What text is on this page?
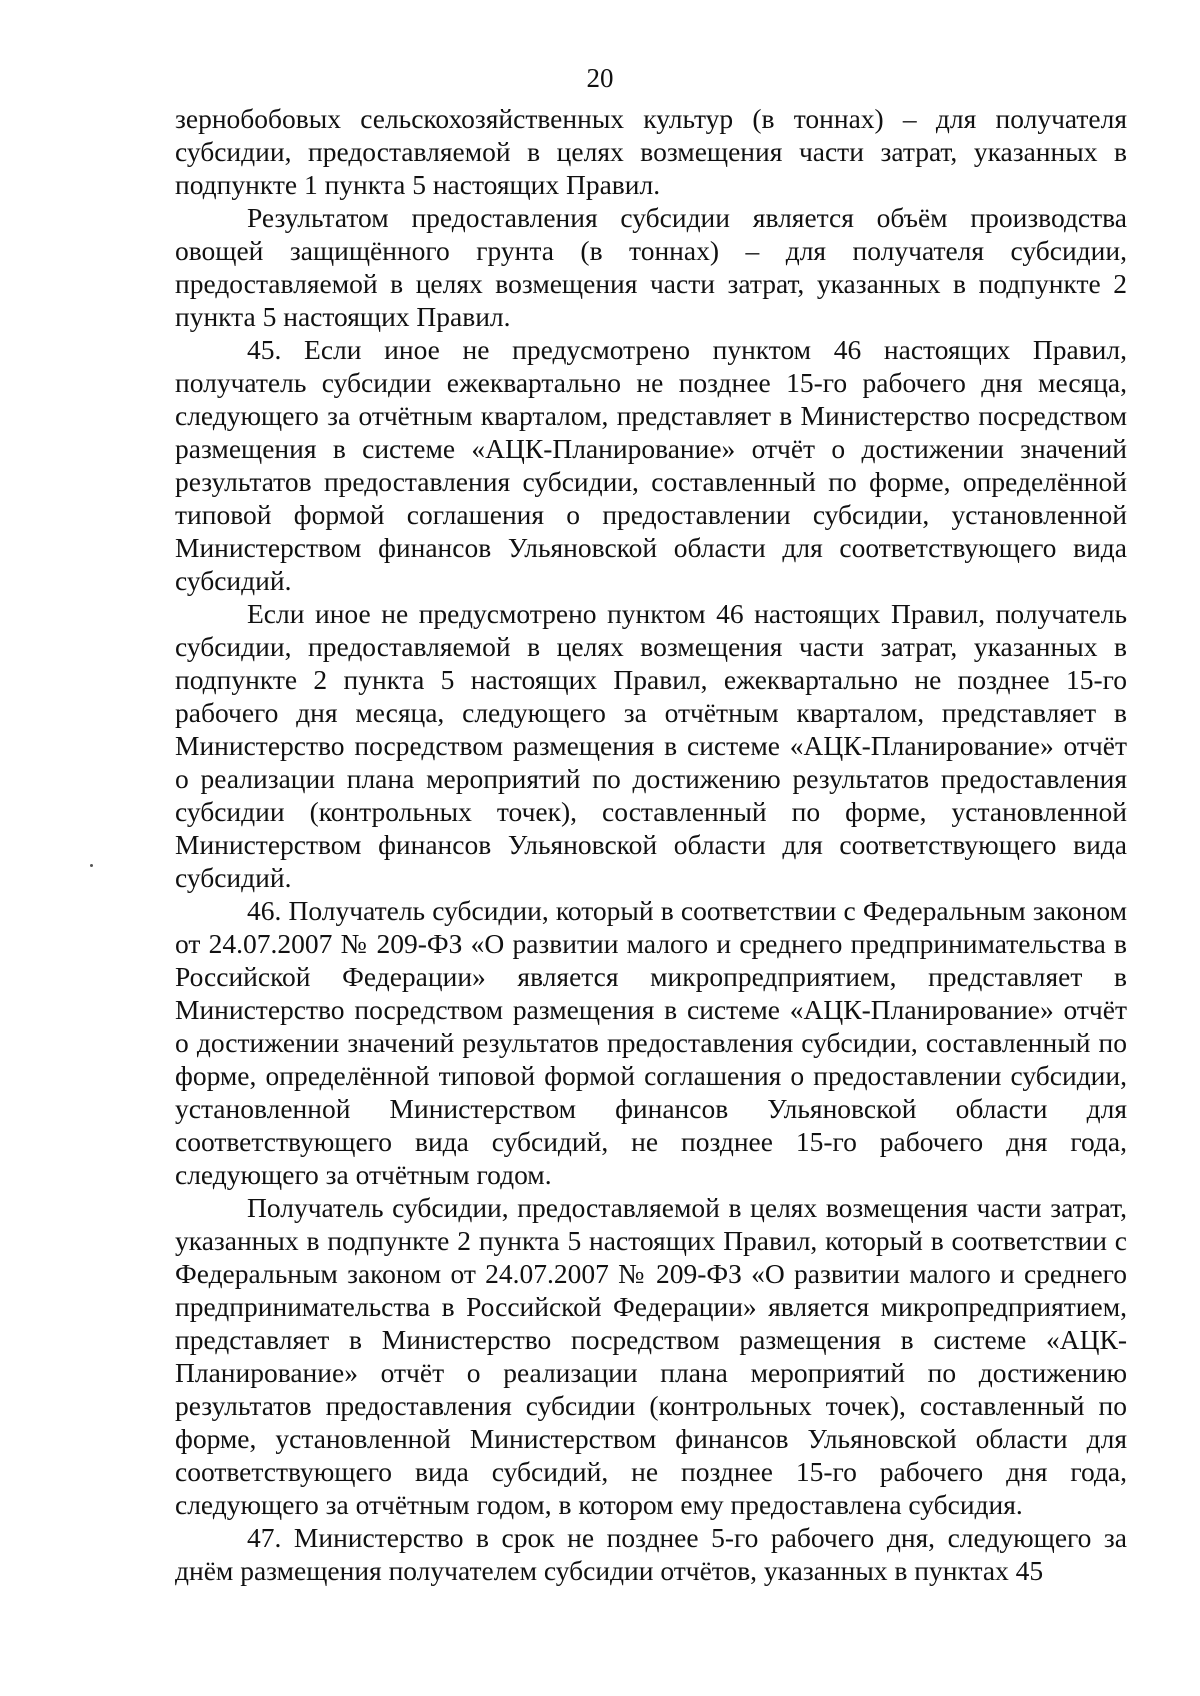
20

зернобобовых сельскохозяйственных культур (в тоннах) – для получателя субсидии, предоставляемой в целях возмещения части затрат, указанных в подпункте 1 пункта 5 настоящих Правил.

Результатом предоставления субсидии является объём производства овощей защищённого грунта (в тоннах) – для получателя субсидии, предоставляемой в целях возмещения части затрат, указанных в подпункте 2 пункта 5 настоящих Правил.

45. Если иное не предусмотрено пунктом 46 настоящих Правил, получатель субсидии ежеквартально не позднее 15-го рабочего дня месяца, следующего за отчётным кварталом, представляет в Министерство посредством размещения в системе «АЦК-Планирование» отчёт о достижении значений результатов предоставления субсидии, составленный по форме, определённой типовой формой соглашения о предоставлении субсидии, установленной Министерством финансов Ульяновской области для соответствующего вида субсидий.

Если иное не предусмотрено пунктом 46 настоящих Правил, получатель субсидии, предоставляемой в целях возмещения части затрат, указанных в подпункте 2 пункта 5 настоящих Правил, ежеквартально не позднее 15-го рабочего дня месяца, следующего за отчётным кварталом, представляет в Министерство посредством размещения в системе «АЦК-Планирование» отчёт о реализации плана мероприятий по достижению результатов предоставления субсидии (контрольных точек), составленный по форме, установленной Министерством финансов Ульяновской области для соответствующего вида субсидий.

46. Получатель субсидии, который в соответствии с Федеральным законом от 24.07.2007 № 209-ФЗ «О развитии малого и среднего предпринимательства в Российской Федерации» является микропредприятием, представляет в Министерство посредством размещения в системе «АЦК-Планирование» отчёт о достижении значений результатов предоставления субсидии, составленный по форме, определённой типовой формой соглашения о предоставлении субсидии, установленной Министерством финансов Ульяновской области для соответствующего вида субсидий, не позднее 15-го рабочего дня года, следующего за отчётным годом.

Получатель субсидии, предоставляемой в целях возмещения части затрат, указанных в подпункте 2 пункта 5 настоящих Правил, который в соответствии с Федеральным законом от 24.07.2007 № 209-ФЗ «О развитии малого и среднего предпринимательства в Российской Федерации» является микропредприятием, представляет в Министерство посредством размещения в системе «АЦК-Планирование» отчёт о реализации плана мероприятий по достижению результатов предоставления субсидии (контрольных точек), составленный по форме, установленной Министерством финансов Ульяновской области для соответствующего вида субсидий, не позднее 15-го рабочего дня года, следующего за отчётным годом, в котором ему предоставлена субсидия.

47. Министерство в срок не позднее 5-го рабочего дня, следующего за днём размещения получателем субсидии отчётов, указанных в пунктах 45
